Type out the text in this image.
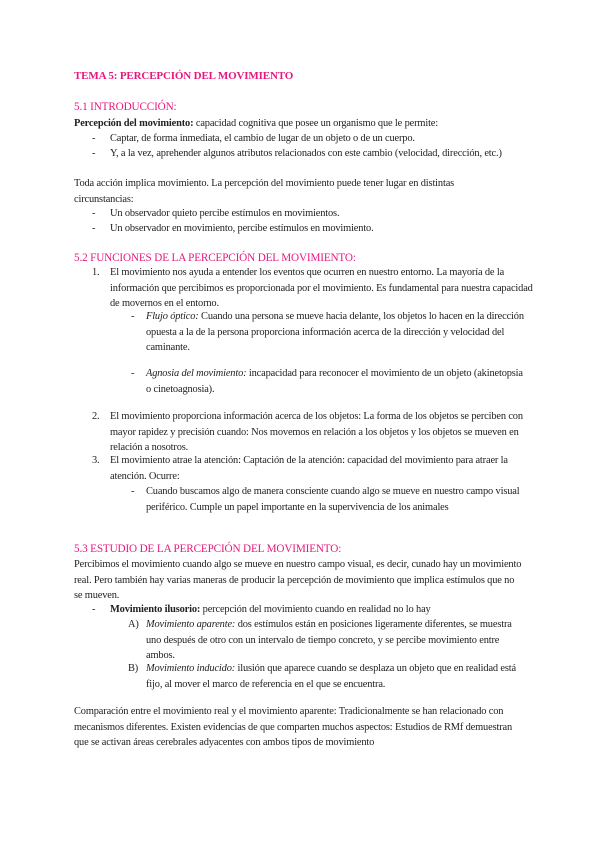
TEMA 5: PERCEPCIÓN DEL MOVIMIENTO

5.1 INTRODUCCIÓN:

Percepción del movimiento: capacidad cognitiva que posee un organismo que le permite:

- Captar, de forma inmediata, el cambio de lugar de un objeto o de un cuerpo.

- Y, a la vez, aprehender algunos atributos relacionados con este cambio (velocidad, dirección, etc.)

Toda acción implica movimiento. La percepción del movimiento puede tener lugar en distintas circunstancias:

- Un observador quieto percibe estímulos en movimientos.

- Un observador en movimiento, percibe estímulos en movimiento.

5.2 FUNCIONES DE LA PERCEPCIÓN DEL MOVIMIENTO:

1. El movimiento nos ayuda a entender los eventos que ocurren en nuestro entorno. La mayoría de la información que percibimos es proporcionada por el movimiento. Es fundamental para nuestra capacidad de movernos en el entorno.

- Flujo óptico: Cuando una persona se mueve hacia delante, los objetos lo hacen en la dirección opuesta a la de la persona proporciona información acerca de la dirección y velocidad del caminante.

- Agnosia del movimiento: incapacidad para reconocer el movimiento de un objeto (akinetopsia o cinetoagnosia).

2. El movimiento proporciona información acerca de los objetos: La forma de los objetos se perciben con mayor rapidez y precisión cuando: Nos movemos en relación a los objetos y los objetos se mueven en relación a nosotros.

3. El movimiento atrae la atención: Captación de la atención: capacidad del movimiento para atraer la atención. Ocurre:

- Cuando buscamos algo de manera consciente cuando algo se mueve en nuestro campo visual periférico. Cumple un papel importante en la supervivencia de los animales

5.3 ESTUDIO DE LA PERCEPCIÓN DEL MOVIMIENTO:

Percibimos el movimiento cuando algo se mueve en nuestro campo visual, es decir, cunado hay un movimiento real. Pero también hay varias maneras de producir la percepción de movimiento que implica estímulos que no se mueven.

- Movimiento ilusorio: percepción del movimiento cuando en realidad no lo hay

A) Movimiento aparente: dos estímulos están en posiciones ligeramente diferentes, se muestra uno después de otro con un intervalo de tiempo concreto, y se percibe movimiento entre ambos.

B) Movimiento inducido: ilusión que aparece cuando se desplaza un objeto que en realidad está fijo, al mover el marco de referencia en el que se encuentra.

Comparación entre el movimiento real y el movimiento aparente: Tradicionalmente se han relacionado con mecanismos diferentes. Existen evidencias de que comparten muchos aspectos: Estudios de RMf demuestran que se activan áreas cerebrales adyacentes con ambos tipos de movimiento
